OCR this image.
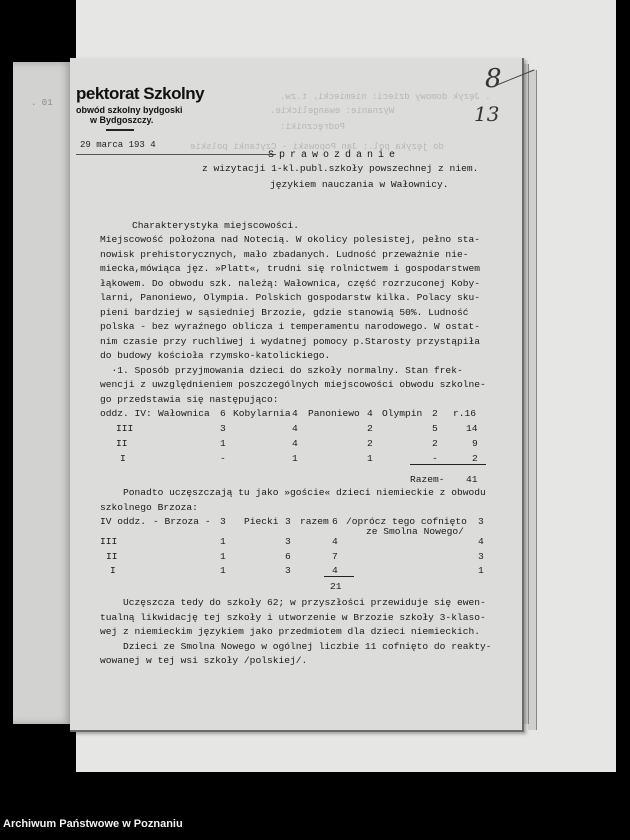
. 01
. Język domowy dzieci: niemiecki, t.zw.
Wyznanie: ewangelickie.
Podręczniki:
do języka pol.: Jan Popowski - Czytanki polskie
pektorat Szkolny
obwód szkolny bydgoski
w Bydgoszczy.
29 marca 193 4
8
13
Sprawozdanie
z wizytacji 1-kl.publ.szkoły powszechnej z niem.
językiem nauczania w Wałownicy.
Charakterystyka miejscowości.
Miejscowość położona nad Notecią. W okolicy polesistej, pełno sta-
nowisk prehistorycznych, mało zbadanych. Ludność przeważnie nie-
miecka,mówiąca jęz. »Platt«, trudni się rolnictwem i gospodarstwem
łąkowem. Do obwodu szk. należą: Wałownica, część rozrzuconej Koby-
larni, Panoniewo, Olympia. Polskich gospodarstw kilka. Polacy sku-
pieni bardziej w sąsiedniej Brzozie, gdzie stanowią 50%. Ludność
polska - bez wyraźnego oblicza i temperamentu narodowego. W ostat-
nim czasie przy ruchliwej i wydatnej pomocy p.Starosty przystąpiła
do budowy kościoła rzymsko-katolickiego.
·1. Sposób przyjmowania dzieci do szkoły normalny. Stan frek-
wencji z uwzględnieniem poszczególnych miejscowości obwodu szkolne-
go przedstawia się następująco:
oddz. IV: Wałownica 6 Kobylarnia 4 Panoniewo 4 Olympin 2 r.16
III	3	4	2	5	14
II	1	4	2	2	9
I	-	1	1	-	2
Razem- 41
Ponadto uczęszczają tu jako »goście« dzieci niemieckie z obwodu
szkolnego Brzoza:
IV oddz. - Brzoza - 3 Piecki 3 razem 6 /oprócz tego cofnięto 3
ze Smolna Nowego/
III	1	3	4	4
II	1	6	7	3
I	1	3	4	1
21
Uczęszcza tedy do szkoły 62; w przyszłości przewiduje się ewen-
tualną likwidację tej szkoły i utworzenie w Brzozie szkoły 3-klaso-
wej z niemieckim językiem jako przedmiotem dla dzieci niemieckich.
Dzieci ze Smolna Nowego w ogólnej liczbie 11 cofnięto do reakty-
wowanej w tej wsi szkoły /polskiej/.
Archiwum Państwowe w Poznaniu
